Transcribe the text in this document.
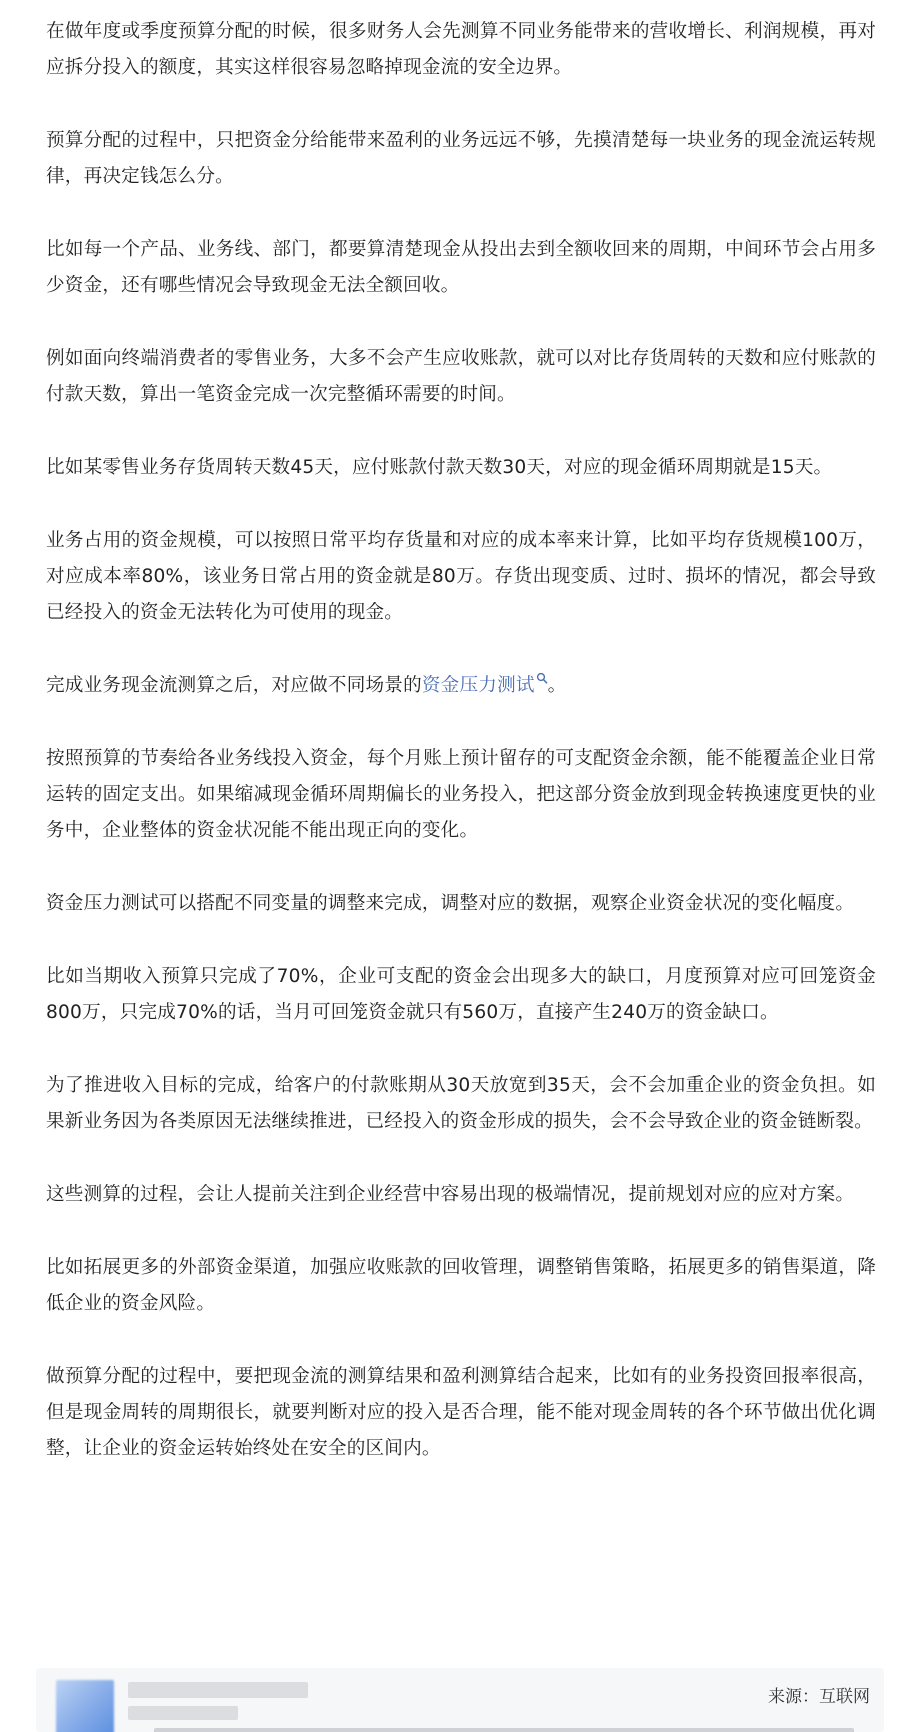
在做年度或季度预算分配的时候，很多财务人会先测算不同业务能带来的营收增长、利润规模，再对应拆分投入的额度，其实这样很容易忽略掉现金流的安全边界。

预算分配的过程中，只把资金分给能带来盈利的业务远远不够，先摸清楚每一块业务的现金流运转规律，再决定钱怎么分。

比如每一个产品、业务线、部门，都要算清楚现金从投出去到全额收回来的周期，中间环节会占用多少资金，还有哪些情况会导致现金无法全额回收。

例如面向终端消费者的零售业务，大多不会产生应收账款，就可以对比存货周转的天数和应付账款的付款天数，算出一笔资金完成一次完整循环需要的时间。

比如某零售业务存货周转天数45天，应付账款付款天数30天，对应的现金循环周期就是15天。

业务占用的资金规模，可以按照日常平均存货量和对应的成本率来计算，比如平均存货规模100万，对应成本率80%，该业务日常占用的资金就是80万。存货出现变质、过时、损坏的情况，都会导致已经投入的资金无法转化为可使用的现金。

完成业务现金流测算之后，对应做不同场景的资金压力测试 。

按照预算的节奏给各业务线投入资金，每个月账上预计留存的可支配资金余额，能不能覆盖企业日常运转的固定支出。如果缩减现金循环周期偏长的业务投入，把这部分资金放到现金转换速度更快的业务中，企业整体的资金状况能不能出现正向的变化。

资金压力测试可以搭配不同变量的调整来完成，调整对应的数据，观察企业资金状况的变化幅度。

比如当期收入预算只完成了70%，企业可支配的资金会出现多大的缺口，月度预算对应可回笼资金800万，只完成70%的话，当月可回笼资金就只有560万，直接产生240万的资金缺口。

为了推进收入目标的完成，给客户的付款账期从30天放宽到35天，会不会加重企业的资金负担。如果新业务因为各类原因无法继续推进，已经投入的资金形成的损失，会不会导致企业的资金链断裂。

这些测算的过程，会让人提前关注到企业经营中容易出现的极端情况，提前规划对应的应对方案。

比如拓展更多的外部资金渠道，加强应收账款的回收管理，调整销售策略，拓展更多的销售渠道，降低企业的资金风险。

做预算分配的过程中，要把现金流的测算结果和盈利测算结合起来，比如有的业务投资回报率很高，但是现金周转的周期很长，就要判断对应的投入是否合理，能不能对现金周转的各个环节做出优化调整，让企业的资金运转始终处在安全的区间内。

来源：互联网
